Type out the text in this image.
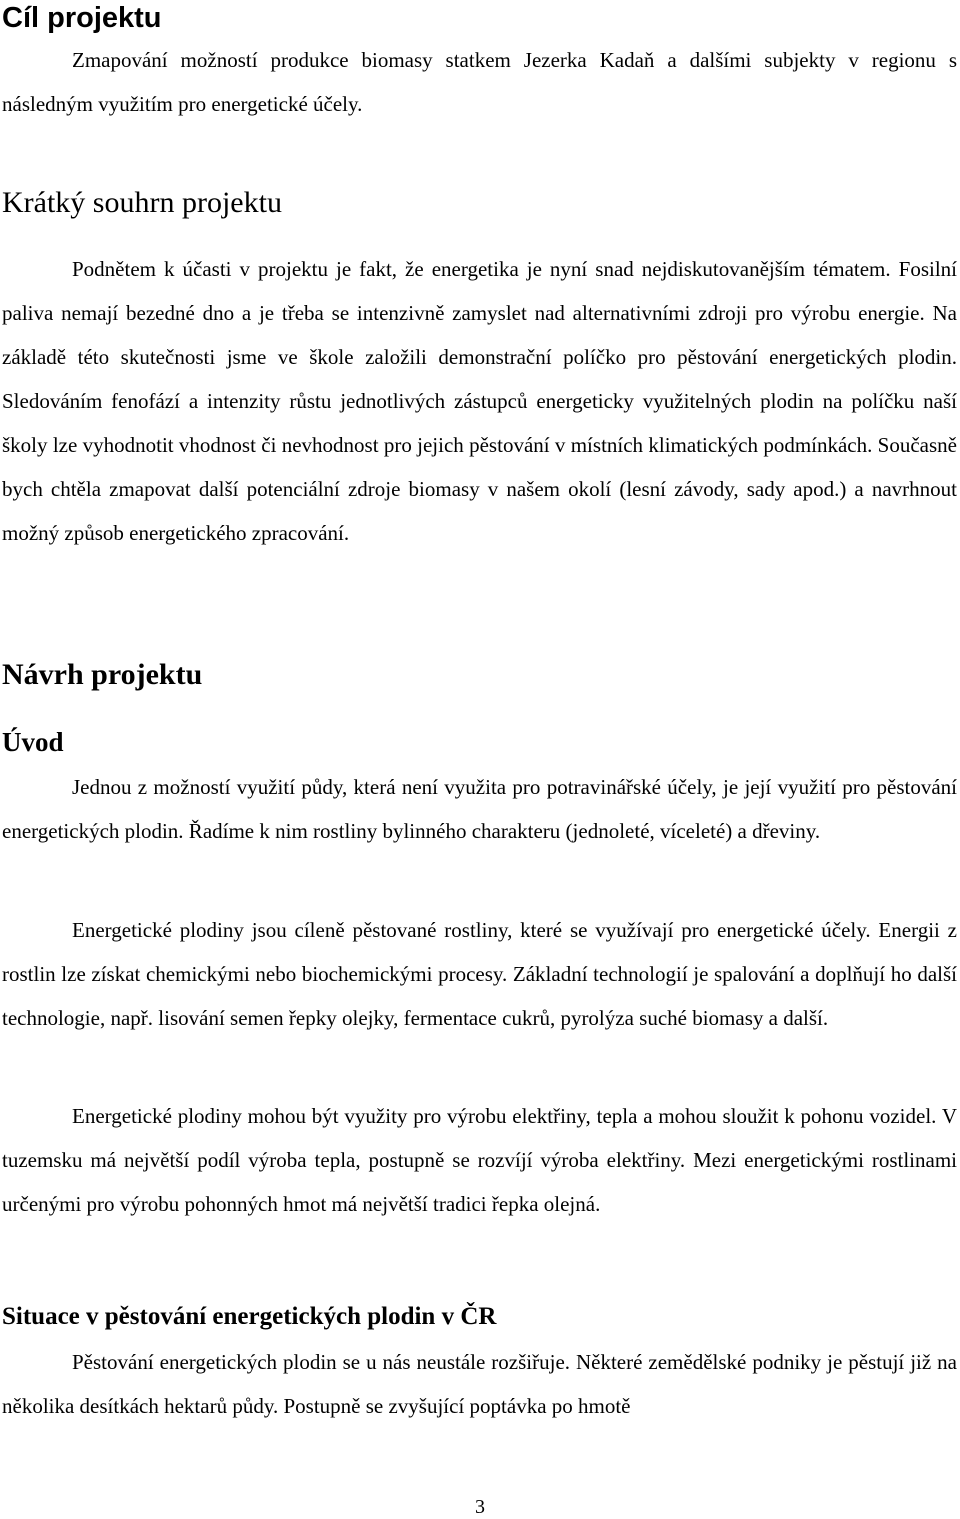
Cíl projektu

Zmapování možností produkce biomasy statkem Jezerka Kadaň a dalšími subjekty v regionu s následným využitím pro energetické účely.

Krátký souhrn projektu

Podnětem k účasti v projektu je fakt, že energetika je nyní snad nejdiskutovanějším tématem. Fosilní paliva nemají bezedné dno a je třeba se intenzivně zamyslet nad alternativními zdroji pro výrobu energie. Na základě této skutečnosti jsme ve škole založili demonstrační políčko pro pěstování energetických plodin. Sledováním fenofází a intenzity růstu jednotlivých zástupců energeticky využitelných plodin na políčku naší školy lze vyhodnotit vhodnost či nevhodnost pro jejich pěstování v místních klimatických podmínkách. Současně bych chtěla zmapovat další potenciální zdroje biomasy v našem okolí (lesní závody, sady apod.) a navrhnout možný způsob energetického zpracování.

Návrh projektu
Úvod

Jednou z možností využití půdy, která není využita pro potravinářské účely, je její využití pro pěstování energetických plodin. Řadíme k nim rostliny bylinného charakteru (jednoleté, víceleté) a dřeviny.

Energetické plodiny jsou cíleně pěstované rostliny, které se využívají pro energetické účely. Energii z rostlin lze získat chemickými nebo biochemickými procesy. Základní technologií je spalování a doplňují ho další technologie, např. lisování semen řepky olejky, fermentace cukrů, pyrolýza suché biomasy a další.

Energetické plodiny mohou být využity pro výrobu elektřiny, tepla a mohou sloužit k pohonu vozidel. V tuzemsku má největší podíl výroba tepla, postupně se rozvíjí výroba elektřiny. Mezi energetickými rostlinami určenými pro výrobu pohonných hmot má největší tradici řepka olejná.

Situace v pěstování energetických plodin v ČR

Pěstování energetických plodin se u nás neustále rozšiřuje. Některé zemědělské podniky je pěstují již na několika desítkách hektarů půdy. Postupně se zvyšující poptávka po hmotě

3
